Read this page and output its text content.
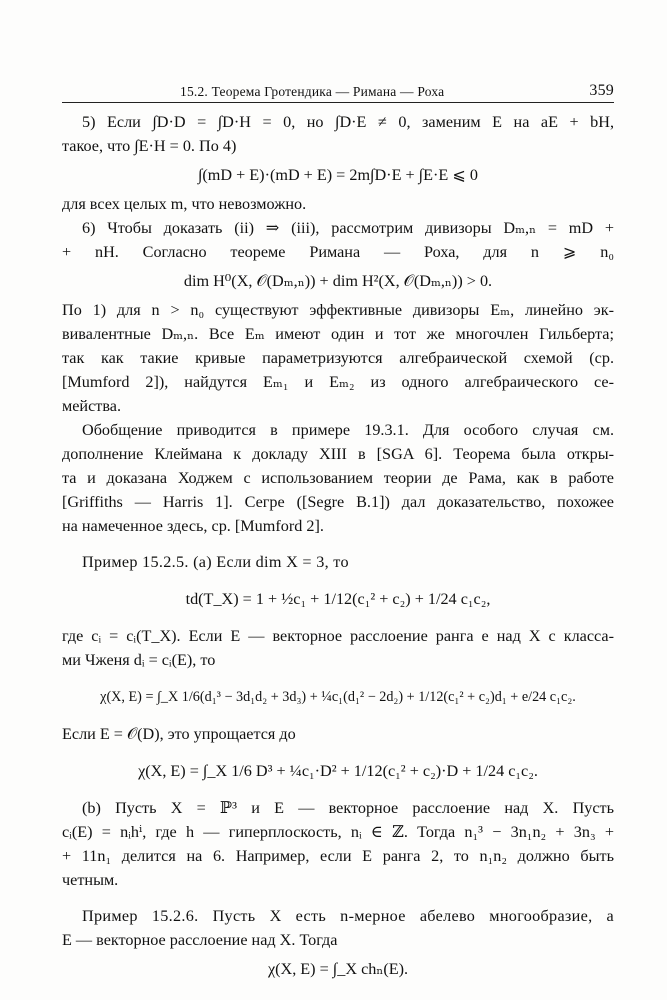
15.2. Теорема Гротендика — Римана — Роха	359
5) Если ∫D·D = ∫D·H = 0, но ∫D·E ≠ 0, заменим E на aE + bH,
такое, что ∫E·H = 0. По 4)
∫(mD + E)·(mD + E) = 2m∫D·E + ∫E·E ⩽ 0
для всех целых m, что невозможно.
6) Чтобы доказать (ii) ⇒ (iii), рассмотрим дивизоры Dₘ,ₙ = mD +
+ nH. Согласно теореме Римана — Роха, для n ⩾ n₀
dim H⁰(X, 𝒪(Dₘ,ₙ)) + dim H²(X, 𝒪(Dₘ,ₙ)) > 0.
По 1) для n > n₀ существуют эффективные дивизоры Eₘ, линейно эк-
вивалентные Dₘ,ₙ. Все Eₘ имеют один и тот же многочлен Гильберта;
так как такие кривые параметризуются алгебраической схемой (ср.
[Mumford 2]), найдутся Eₘ₁ и Eₘ₂ из одного алгебраического се-
мейства.
Обобщение приводится в примере 19.3.1. Для особого случая см.
дополнение Клеймана к докладу XIII в [SGA 6]. Теорема была откры-
та и доказана Ходжем с использованием теории де Рама, как в работе
[Griffiths — Harris 1]. Сегре ([Segre B.1]) дал доказательство, похожее
на намеченное здесь, ср. [Mumford 2].
Пример 15.2.5. (a) Если dim X = 3, то
td(T_X) = 1 + ½c₁ + 1/12(c₁² + c₂) + 1/24 c₁c₂,
где cᵢ = cᵢ(T_X). Если E — векторное расслоение ранга e над X с класса-
ми Чженя dᵢ = cᵢ(E), то
χ(X, E) = ∫_X 1/6(d₁³ − 3d₁d₂ + 3d₃) + ¼c₁(d₁² − 2d₂) + 1/12(c₁² + c₂)d₁ + e/24 c₁c₂.
Если E = 𝒪(D), это упрощается до
χ(X, E) = ∫_X 1/6 D³ + ¼c₁·D² + 1/12(c₁² + c₂)·D + 1/24 c₁c₂.
(b) Пусть X = ℙ³ и E — векторное расслоение над X. Пусть
cᵢ(E) = nᵢhⁱ, где h — гиперплоскость, nᵢ ∈ ℤ. Тогда n₁³ − 3n₁n₂ + 3n₃ +
+ 11n₁ делится на 6. Например, если E ранга 2, то n₁n₂ должно быть
четным.
Пример 15.2.6. Пусть X есть n-мерное абелево многообразие, а
E — векторное расслоение над X. Тогда
χ(X, E) = ∫_X chₙ(E).
